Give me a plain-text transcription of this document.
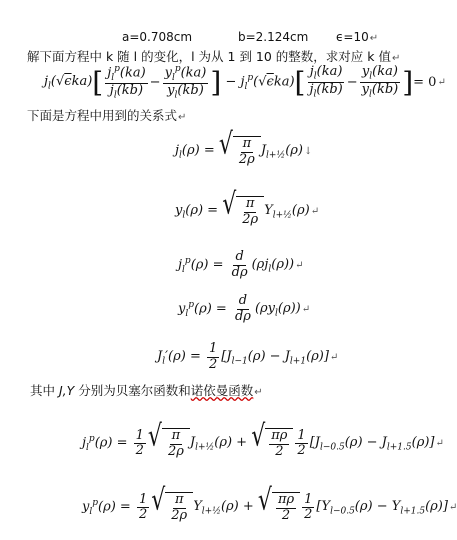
a=0.708cm	b=2.124cm ϵ=10↵
解下面方程中 k 随 l 的变化，l 为从 1 到 10 的整数，求对应 k 值↵
$j_l(√\epsilon ka)$ [ $\frac{j_l^p(ka)}{j_l(kb)} - \frac{y_l^p(ka)}{y_l(kb)}$ ] − $j_l^p(√\epsilon ka)$ [ $\frac{j_l(ka)}{j_l(kb)} - \frac{y_l(ka)}{y_l(kb)}$ ] = 0 ↵
下面是方程中用到的关系式↵
$j_l(\rho)$ = √ $\frac{\pi}{2\rho} J_{l+\frac{1}{2}}(\rho)$ ↓
$y_l(\rho)$ = √ $\frac{\pi}{2\rho} Y_{l+\frac{1}{2}}(\rho)$ ↵
$j_l^p(\rho) = \frac{d}{d\rho} (\rho j_l(\rho))$ ↵
$y_l^p(\rho) = \frac{d}{d\rho} (\rho y_l(\rho))$ ↵
$J_l'(\rho) = \frac{1}{2} [J_{l-1}(\rho) - J_{l+1}(\rho)]$ ↵
其中 J,Y 分别为贝塞尔函数和诺依曼函数↵
$j_l^p(\rho) = \frac{1}{2}$ √ $\frac{\pi}{2\rho} J_{l+\frac{1}{2}}(\rho)$ + √ $\frac{\pi\rho}{2} \frac{1}{2} [J_{l-0.5}(\rho) - J_{l+1.5}(\rho)]$ ↵
$y_l^p(\rho) = \frac{1}{2}$ √ $\frac{\pi}{2\rho} Y_{l+\frac{1}{2}}(\rho)$ + √ $\frac{\pi\rho}{2} \frac{1}{2} [Y_{l-0.5}(\rho) - Y_{l+1.5}(\rho)]$ ↵
